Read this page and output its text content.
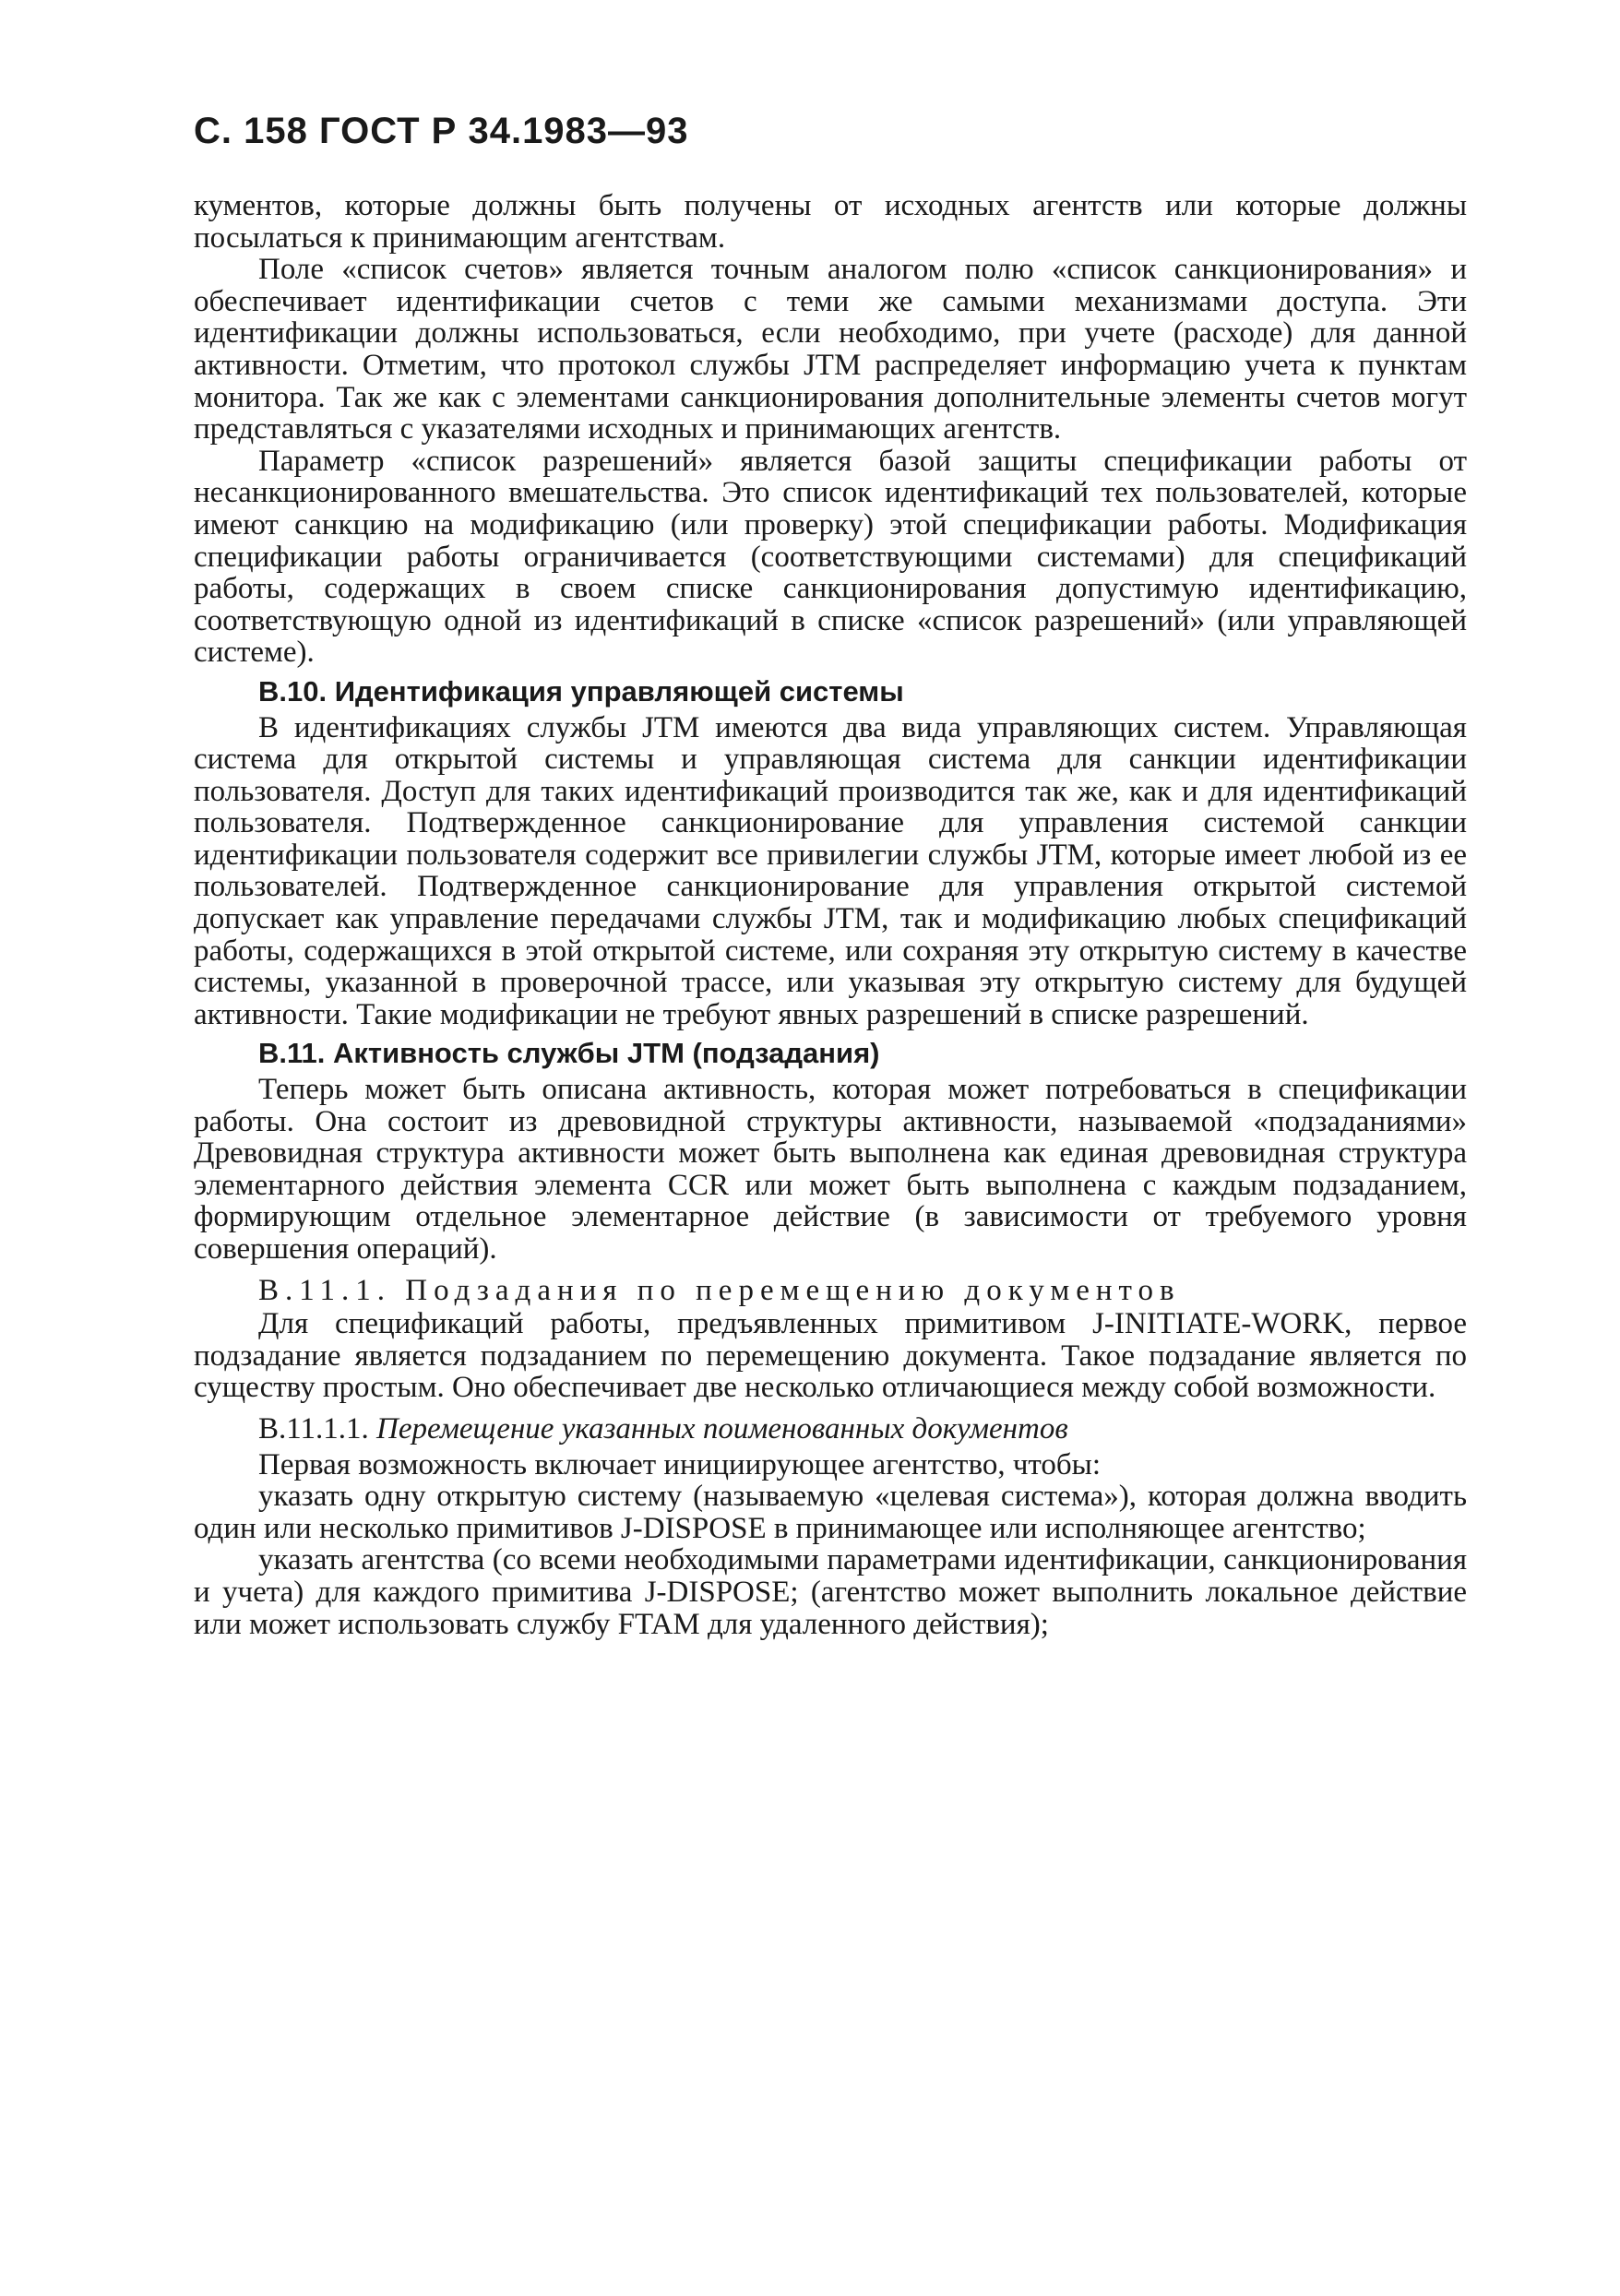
С. 158 ГОСТ Р 34.1983—93

кументов, которые должны быть получены от исходных агентств или которые должны посылаться к принимающим агентствам.

Поле «список счетов» является точным аналогом полю «список санкционирования» и обеспечивает идентификации счетов с теми же самыми механизмами доступа. Эти идентификации должны использоваться, если необходимо, при учете (расходе) для данной активности. Отметим, что протокол службы JTM распределяет информацию учета к пунктам монитора. Так же как с элементами санкционирования дополнительные элементы счетов могут представляться с указателями исходных и принимающих агентств.

Параметр «список разрешений» является базой защиты спецификации работы от несанкционированного вмешательства. Это список идентификаций тех пользователей, которые имеют санкцию на модификацию (или проверку) этой спецификации работы. Модификация спецификации работы ограничивается (соответствующими системами) для спецификаций работы, содержащих в своем списке санкционирования допустимую идентификацию, соответствующую одной из идентификаций в списке «список разрешений» (или управляющей системе).

В.10. Идентификация управляющей системы

В идентификациях службы JTM имеются два вида управляющих систем. Управляющая система для открытой системы и управляющая система для санкции идентификации пользователя. Доступ для таких идентификаций производится так же, как и для идентификаций пользователя. Подтвержденное санкционирование для управления системой санкции идентификации пользователя содержит все привилегии службы JTM, которые имеет любой из ее пользователей. Подтвержденное санкционирование для управления открытой системой допускает как управление передачами службы JTM, так и модификацию любых спецификаций работы, содержащихся в этой открытой системе, или сохраняя эту открытую систему в качестве системы, указанной в проверочной трассе, или указывая эту открытую систему для будущей активности. Такие модификации не требуют явных разрешений в списке разрешений.

В.11. Активность службы JTM (подзадания)

Теперь может быть описана активность, которая может потребоваться в спецификации работы. Она состоит из древовидной структуры активности, называемой «подзаданиями» Древовидная структура активности может быть выполнена как единая древовидная структура элементарного действия элемента CCR или может быть выполнена с каждым подзаданием, формирующим отдельное элементарное действие (в зависимости от требуемого уровня совершения операций).

В.11.1. Подзадания по перемещению документов

Для спецификаций работы, предъявленных примитивом J-INITIATE-WORK, первое подзадание является подзаданием по перемещению документа. Такое подзадание является по существу простым. Оно обеспечивает две несколько отличающиеся между собой возможности.

В.11.1.1. Перемещение указанных поименованных документов

Первая возможность включает инициирующее агентство, чтобы:

указать одну открытую систему (называемую «целевая система»), которая должна вводить один или несколько примитивов J-DISPOSE в принимающее или исполняющее агентство;

указать агентства (со всеми необходимыми параметрами идентификации, санкционирования и учета) для каждого примитива J-DISPOSE; (агентство может выполнить локальное действие или может использовать службу FTAM для удаленного действия);
